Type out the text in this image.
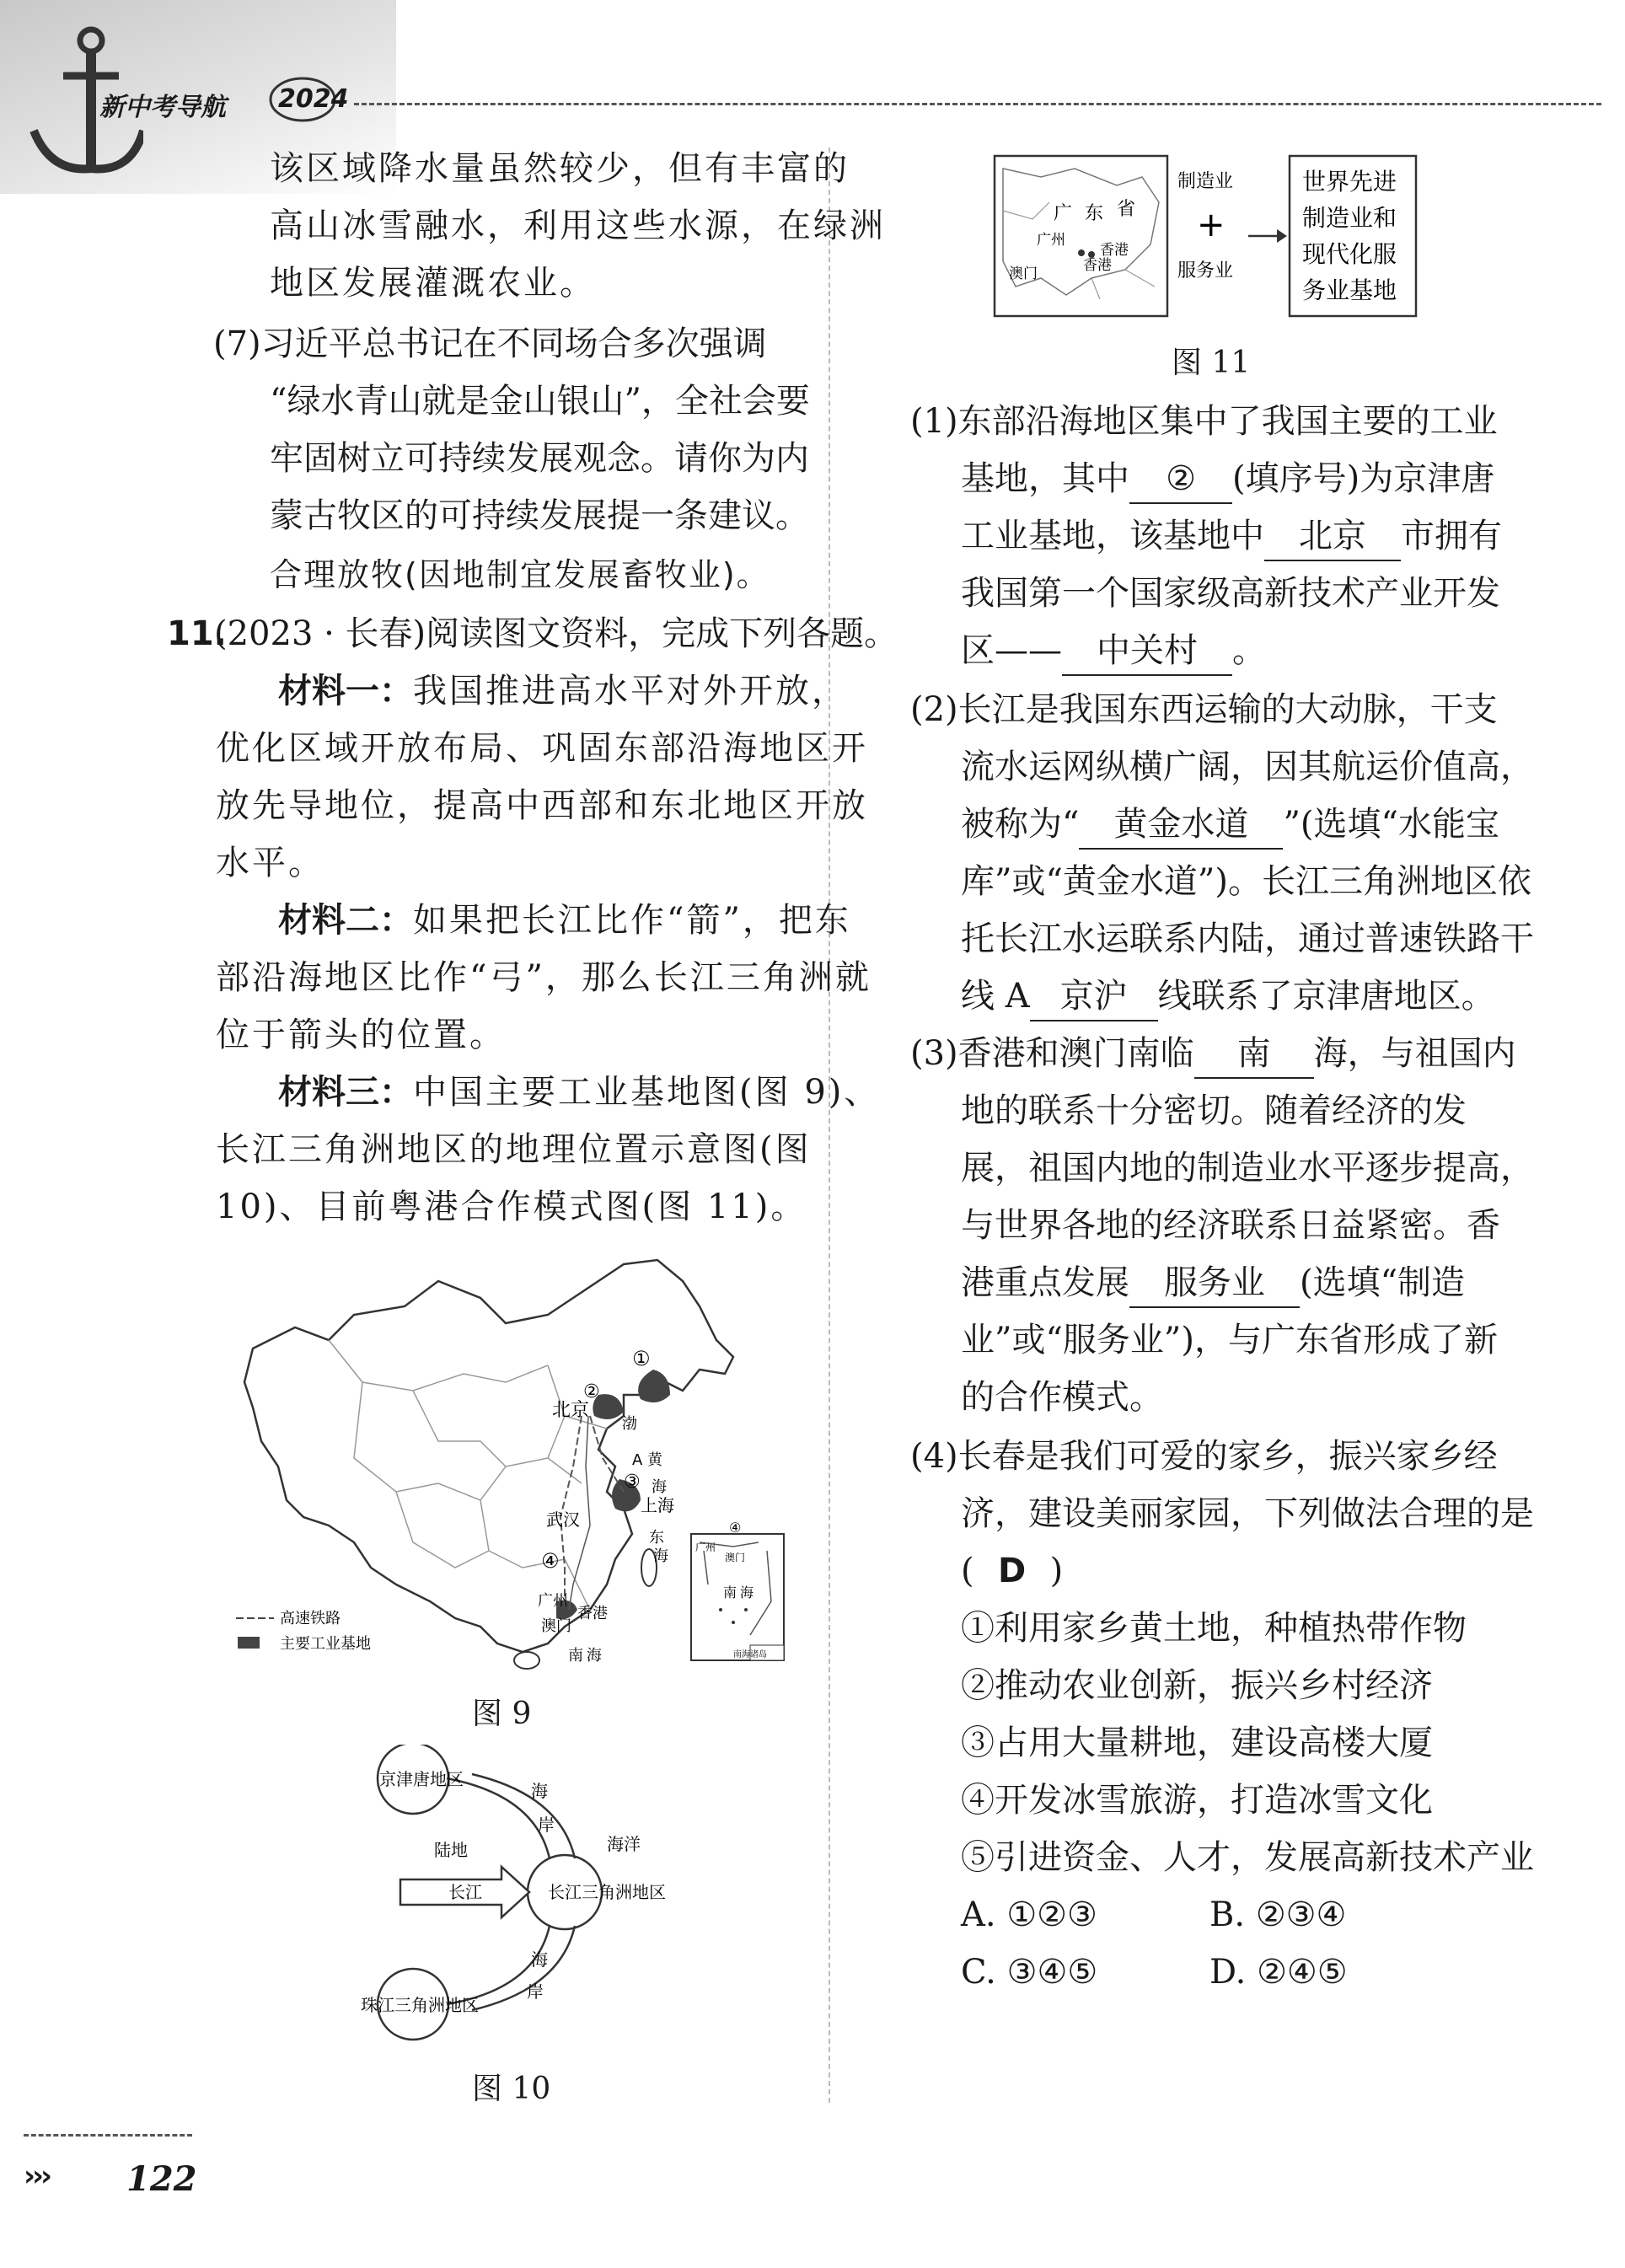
新中考导航 2024
该区域降水量虽然较少，但有丰富的
高山冰雪融水，利用这些水源，在绿洲
地区发展灌溉农业。
(7)习近平总书记在不同场合多次强调
“绿水青山就是金山银山”，全社会要
牢固树立可持续发展观念。请你为内
蒙古牧区的可持续发展提一条建议。
合理放牧(因地制宜发展畜牧业)。
11.
(2023 · 长春)阅读图文资料，完成下列各题。
材料一：我国推进高水平对外开放，
优化区域开放布局、巩固东部沿海地区开
放先导地位，提高中西部和东北地区开放
水平。
材料二：如果把长江比作“箭”，把东
部沿海地区比作“弓”，那么长江三角洲就
位于箭头的位置。
材料三：中国主要工业基地图(图 9)、
长江三角洲地区的地理位置示意图(图
10)、目前粤港合作模式图(图 11)。
①
②
北京
渤
黄
A
海
③
上海
东
海
武汉
④
广州
香港
澳门
南 海
④
广州
澳门
南 海
南海诸岛
高速铁路
主要工业基地
图 9
京津唐地区
长江三角洲地区
珠江三角洲地区
陆地	海洋
长江
海
岸
海
岸
图 10
广 东 省
广州
香港
香港
澳门
制造业
+
服务业
世界先进
制造业和
现代化服
务业基地
图 11
(1)东部沿海地区集中了我国主要的工业
基地，其中 ② (填序号)为京津唐
工业基地，该基地中 北京 市拥有
我国第一个国家级高新技术产业开发
区—— 中关村 。
(2)长江是我国东西运输的大动脉，干支
流水运网纵横广阔，因其航运价值高，
被称为“ 黄金水道 ”(选填“水能宝
库”或“黄金水道”)。长江三角洲地区依
托长江水运联系内陆，通过普速铁路干
线 A 京沪 线联系了京津唐地区。
(3)香港和澳门南临 南 海，与祖国内
地的联系十分密切。随着经济的发
展，祖国内地的制造业水平逐步提高，
与世界各地的经济联系日益紧密。香
港重点发展 服务业 (选填“制造
业”或“服务业”)，与广东省形成了新
的合作模式。
(4)长春是我们可爱的家乡，振兴家乡经
济，建设美丽家园，下列做法合理的是
( D )
①利用家乡黄土地，种植热带作物
②推动农业创新，振兴乡村经济
③占用大量耕地，建设高楼大厦
④开发冰雪旅游，打造冰雪文化
⑤引进资金、人才，发展高新技术产业
A. ①②③	B. ②③④
C. ③④⑤	D. ②④⑤
››› 122
